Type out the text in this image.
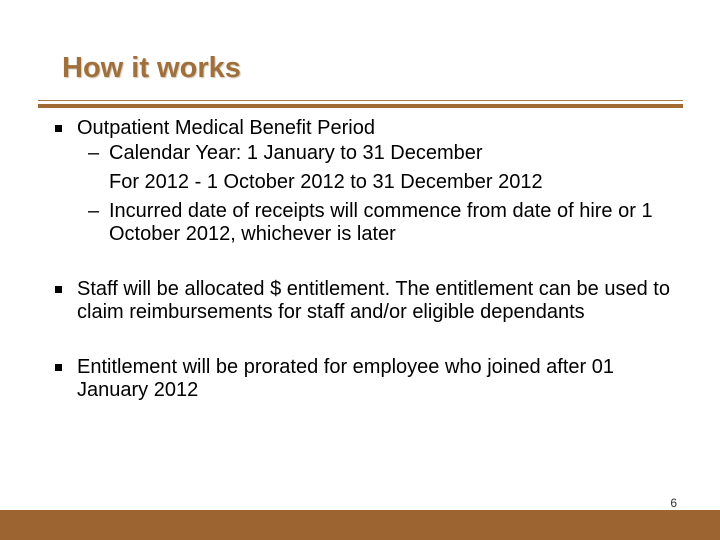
How it works
Outpatient Medical Benefit Period
– Calendar Year: 1 January to 31 December
For 2012 - 1 October 2012 to 31 December 2012
– Incurred date of receipts will commence from date of hire or 1 October 2012, whichever is later
Staff will be allocated $ entitlement. The entitlement can be used to claim reimbursements for staff and/or eligible dependants
Entitlement will be prorated for employee who joined after 01 January 2012
6
